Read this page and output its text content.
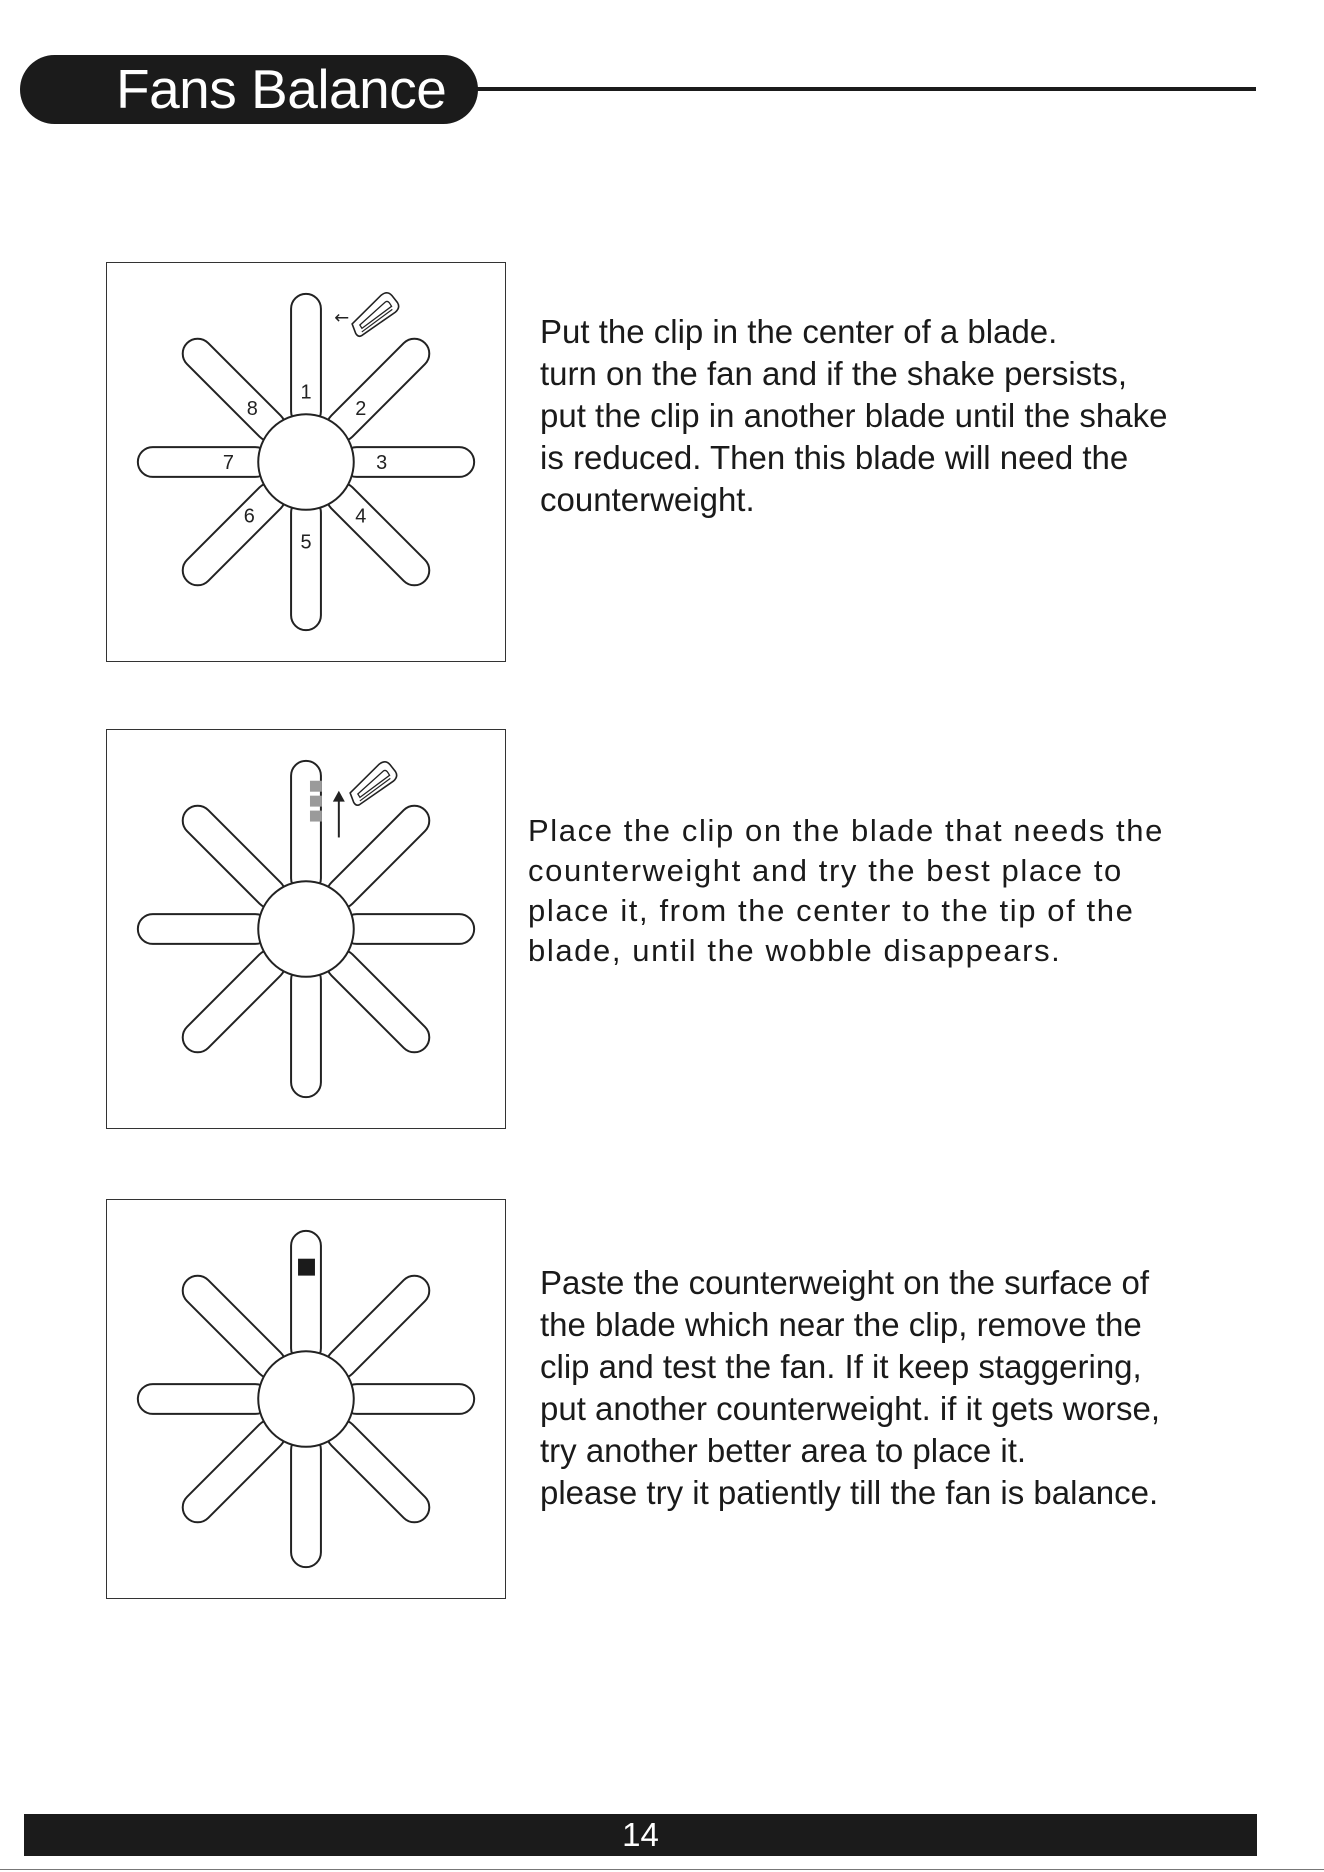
Fans Balance
1
2
3
4
5
6
7
8
←	Put the clip in the center of a blade.
turn on the fan and if the shake persists,
put the clip in another blade until the shake
is reduced. Then this blade will need the
counterweight.
Place the clip on the blade that needs the
counterweight and try the best place to
place it, from the center to the tip of the
blade, until the wobble disappears.
Paste the counterweight on the surface of
the blade which near the clip, remove the
clip and test the fan. If it keep staggering,
put another counterweight. if it gets worse,
try another better area to place it.
please try it patiently till the fan is balance.
14
